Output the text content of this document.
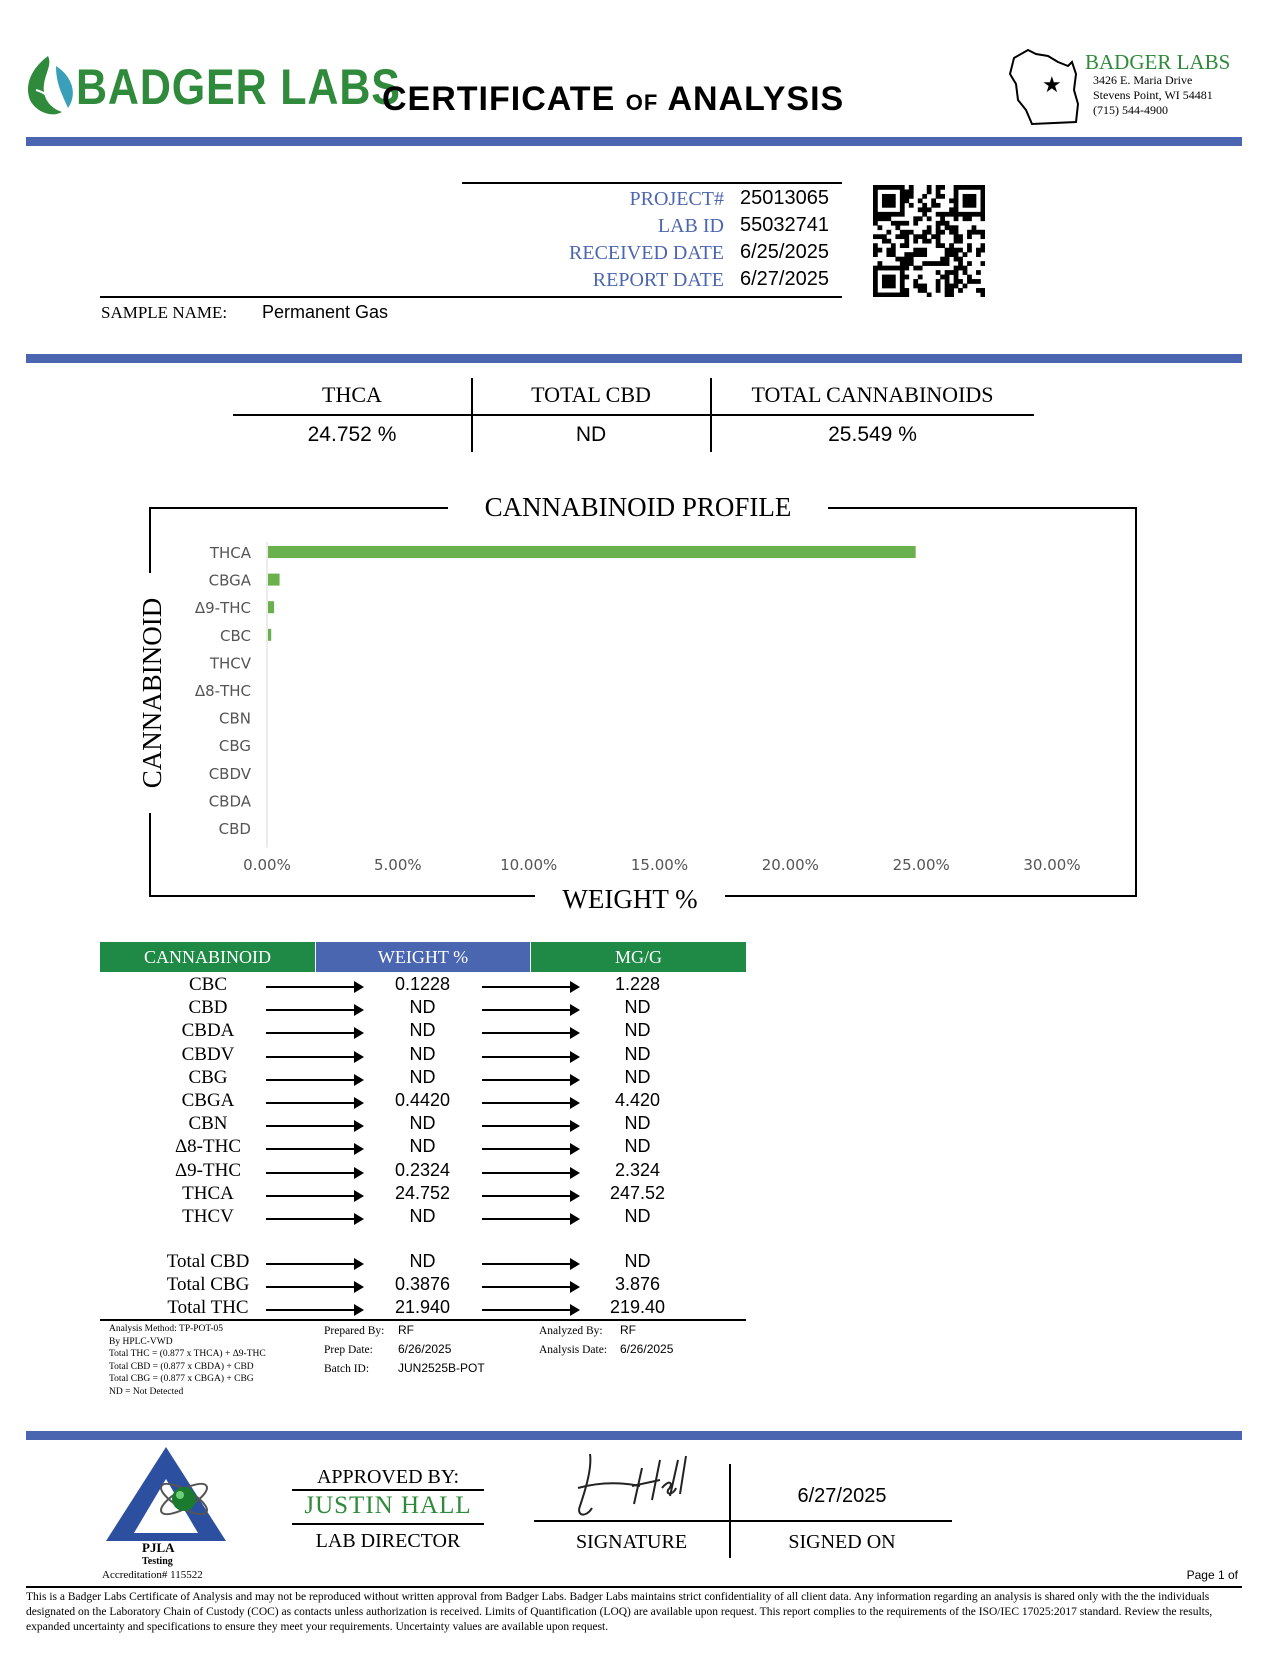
BADGER LABS
CERTIFICATE OF ANALYSIS	★
BADGER LABS
3426 E. Maria Drive
Stevens Point, WI 54481
(715) 544-4900
PROJECT# 25013065
LAB ID 55032741
RECEIVED DATE 6/25/2025
REPORT DATE 6/27/2025
SAMPLE NAME: Permanent Gas
THCA	TOTAL CBD	TOTAL CANNABINOIDS
24.752 %	ND	25.549 %
THCA
CBGA
Δ9-THC
CBC
THCV
Δ8-THC
CBN
CBG
CBDV
CBDA
CBD
0.00%	5.00%	10.00%	15.00%	20.00%	25.00%	30.00%
CANNABINOID PROFILE
WEIGHT %
CANNABINOID
CANNABINOID	WEIGHT %	MG/G
CBC	0.1228	1.228
CBD	ND	ND
CBDA	ND	ND
CBDV	ND	ND
CBG	ND	ND
CBGA	0.4420	4.420
CBN	ND	ND
Δ8-THC	ND	ND
Δ9-THC	0.2324	2.324
THCA	24.752	247.52
THCV	ND	ND
Total CBD	ND	ND
Total CBG	0.3876	3.876
Total THC	21.940	219.40
Analysis Method: TP-POT-05
By HPLC-VWD
Total THC = (0.877 x THCA) + Δ9-THC
Total CBD = (0.877 x CBDA) + CBD
Total CBG = (0.877 x CBGA) + CBG
ND = Not Detected
Prepared By: RF
Prep Date: 6/26/2025
Batch ID: JUN2525B-POT
Analyzed By: RF
Analysis Date: 6/26/2025
PJLA
Testing
Accreditation# 115522
APPROVED BY:
JUSTIN HALL
LAB DIRECTOR
6/27/2025
SIGNATURE	SIGNED ON
Page 1 of
This is a Badger Labs Certificate of Analysis and may not be reproduced without written approval from Badger Labs. Badger Labs maintains strict confidentiality of all client data. Any information regarding an analysis is shared only with the the individuals designated on the Laboratory Chain of Custody (COC) as contacts unless authorization is received. Limits of Quantification (LOQ) are available upon request. This report complies to the requirements of the ISO/IEC 17025:2017 standard. Review the results, expanded uncertainty and specifications to ensure they meet your requirements. Uncertainty values are available upon request.
